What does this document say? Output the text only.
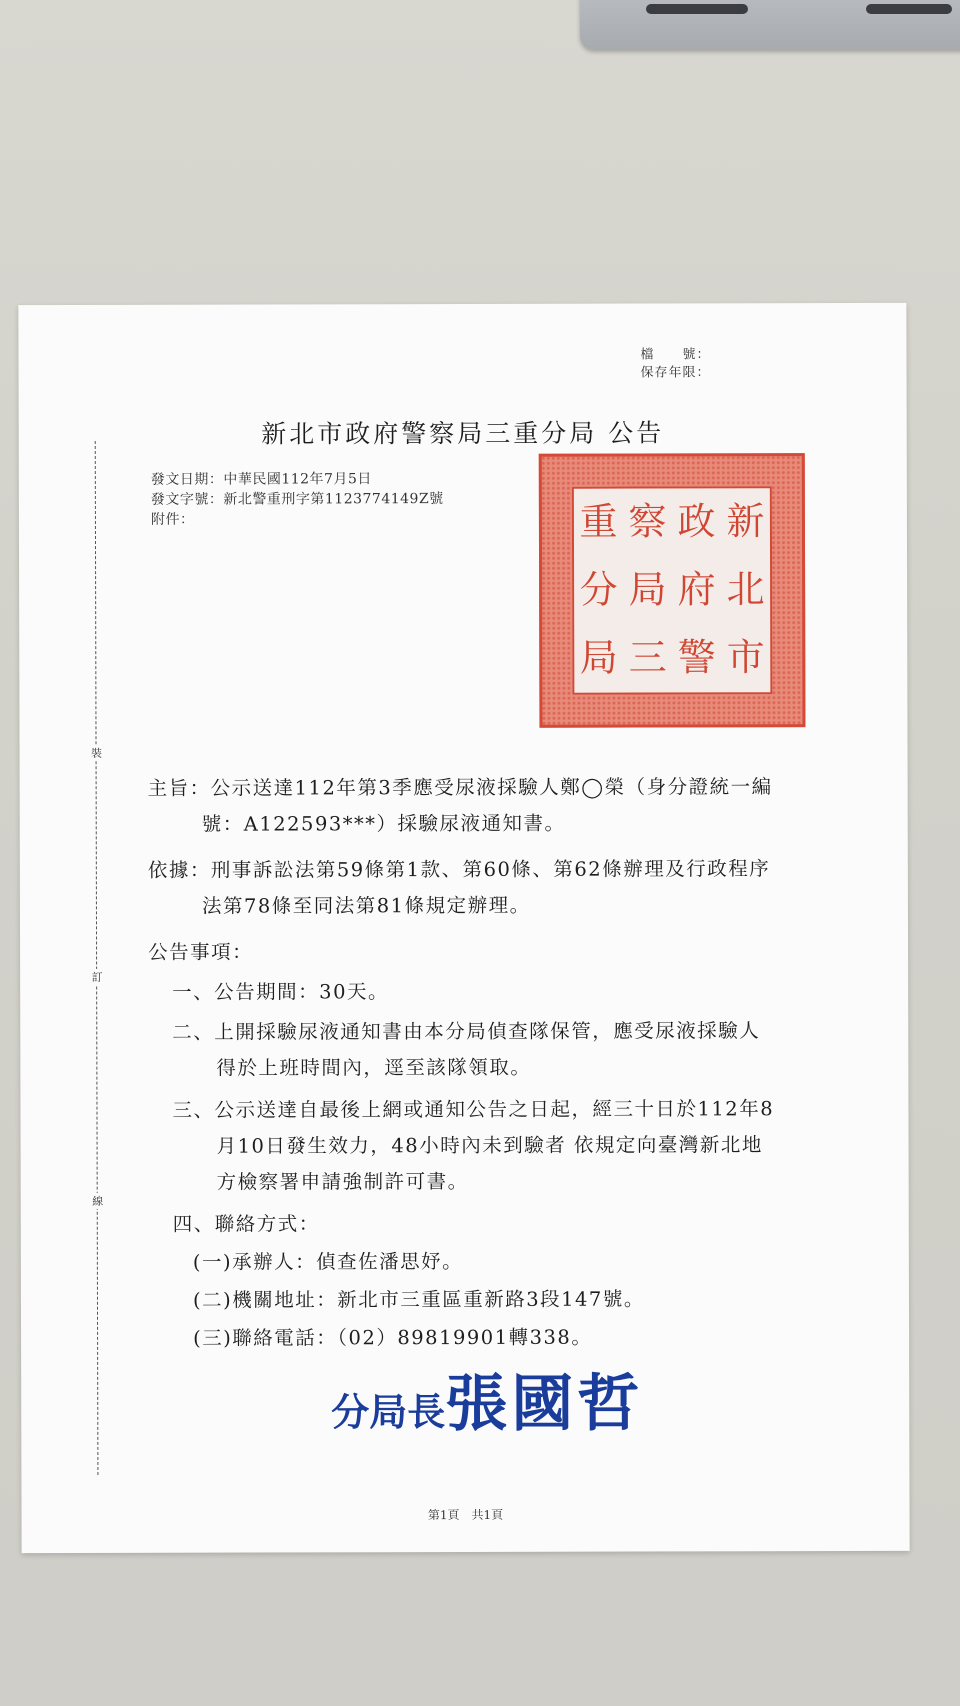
檔　　號：
保存年限：
新北市政府警察局三重分局 公告
發文日期：中華民國112年7月5日
發文字號：新北警重刑字第1123774149Z號
附件：
裝
訂
線
新
北
市
政
府
警
察
局
三
重
分
局
主旨：公示送達112年第3季應受尿液採驗人鄭◯榮（身分證統一編
號：A122593***）採驗尿液通知書。
依據：刑事訴訟法第59條第1款、第60條、第62條辦理及行政程序
法第78條至同法第81條規定辦理。
公告事項：
一、公告期間：30天。
二、上開採驗尿液通知書由本分局偵查隊保管，應受尿液採驗人
得於上班時間內，逕至該隊領取。
三、公示送達自最後上網或通知公告之日起，經三十日於112年8
月10日發生效力，48小時內未到驗者 依規定向臺灣新北地
方檢察署申請強制許可書。
四、聯絡方式：
(一)承辦人：偵查佐潘思妤。
(二)機關地址：新北市三重區重新路3段147號。
(三)聯絡電話：（02）89819901轉338。
分局長張國哲
第1頁　共1頁
